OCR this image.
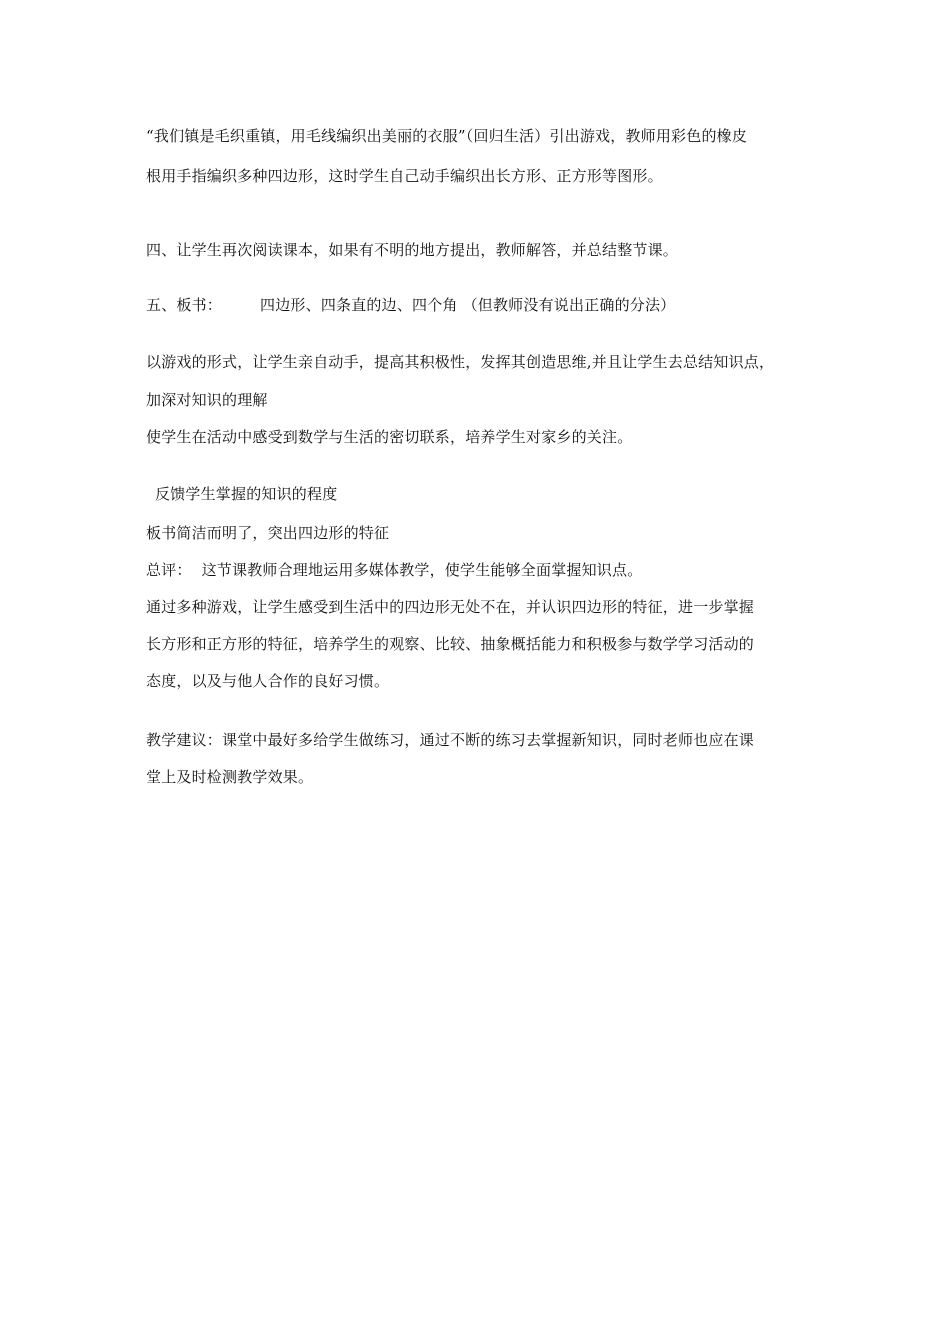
“我们镇是毛织重镇，用毛线编织出美丽的衣服”（回归生活）引出游戏，教师用彩色的橡皮

根用手指编织多种四边形，这时学生自己动手编织出长方形、正方形等图形。

四、让学生再次阅读课本，如果有不明的地方提出，教师解答，并总结整节课。

五、板书：	四边形、四条直的边、四个角 （但教师没有说出正确的分法）

以游戏的形式，让学生亲自动手，提高其积极性，发挥其创造思维,并且让学生去总结知识点，

加深对知识的理解

使学生在活动中感受到数学与生活的密切联系，培养学生对家乡的关注。

反馈学生掌握的知识的程度

板书简洁而明了，突出四边形的特征

总评： 这节课教师合理地运用多媒体教学，使学生能够全面掌握知识点。

通过多种游戏，让学生感受到生活中的四边形无处不在，并认识四边形的特征，进一步掌握

长方形和正方形的特征，培养学生的观察、比较、抽象概括能力和积极参与数学学习活动的

态度，以及与他人合作的良好习惯。

教学建议：课堂中最好多给学生做练习，通过不断的练习去掌握新知识，同时老师也应在课

堂上及时检测教学效果。
